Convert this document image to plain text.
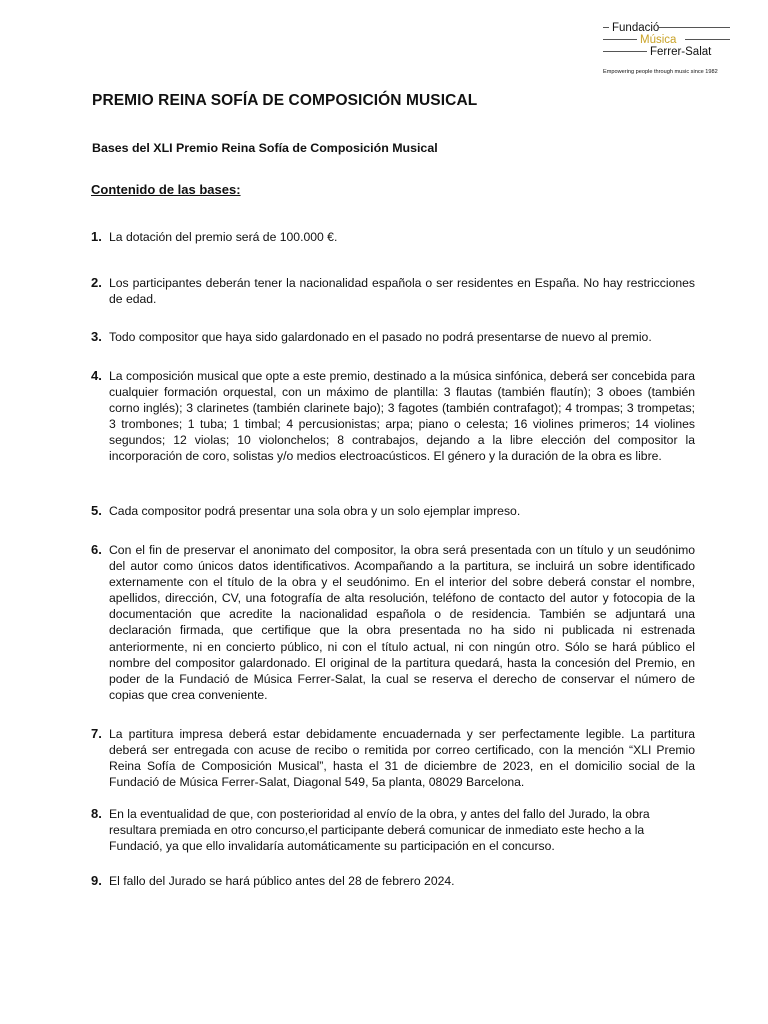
Fundació
Música
Ferrer-Salat
Empowering people through music since 1982
PREMIO REINA SOFÍA DE COMPOSICIÓN MUSICAL
Bases del XLI Premio Reina Sofía de Composición Musical
Contenido de las bases:
1. La dotación del premio será de 100.000 €.
2. Los participantes deberán tener la nacionalidad española o ser residentes en España. No hay restricciones de edad.
3. Todo compositor que haya sido galardonado en el pasado no podrá presentarse de nuevo al premio.
4. La composición musical que opte a este premio, destinado a la música sinfónica, deberá ser concebida para cualquier formación orquestal, con un máximo de plantilla: 3 flautas (también flautín); 3 oboes (también corno inglés); 3 clarinetes (también clarinete bajo); 3 fagotes (también contrafagot); 4 trompas; 3 trompetas; 3 trombones; 1 tuba; 1 timbal; 4 percusionistas; arpa; piano o celesta; 16 violines primeros; 14 violines segundos; 12 violas; 10 violonchelos; 8 contrabajos, dejando a la libre elección del compositor la incorporación de coro, solistas y/o medios electroacústicos. El género y la duración de la obra es libre.
5. Cada compositor podrá presentar una sola obra y un solo ejemplar impreso.
6. Con el fin de preservar el anonimato del compositor, la obra será presentada con un título y un seudónimo del autor como únicos datos identificativos. Acompañando a la partitura, se incluirá un sobre identificado externamente con el título de la obra y el seudónimo. En el interior del sobre deberá constar el nombre, apellidos, dirección, CV, una fotografía de alta resolución, teléfono de contacto del autor y fotocopia de la documentación que acredite la nacionalidad española o de residencia. También se adjuntará una declaración firmada, que certifique que la obra presentada no ha sido ni publicada ni estrenada anteriormente, ni en concierto público, ni con el título actual, ni con ningún otro. Sólo se hará público el nombre del compositor galardonado. El original de la partitura quedará, hasta la concesión del Premio, en poder de la Fundació de Música Ferrer-Salat, la cual se reserva el derecho de conservar el número de copias que crea conveniente.
7. La partitura impresa deberá estar debidamente encuadernada y ser perfectamente legible. La partitura deberá ser entregada con acuse de recibo o remitida por correo certificado, con la mención “XLI Premio Reina Sofía de Composición Musical”, hasta el 31 de diciembre de 2023, en el domicilio social de la Fundació de Música Ferrer-Salat, Diagonal 549, 5a planta, 08029 Barcelona.
8. En la eventualidad de que, con posterioridad al envío de la obra, y antes del fallo del Jurado, la obra resultara premiada en otro concurso,el participante deberá comunicar de inmediato este hecho a la Fundació, ya que ello invalidaría automáticamente su participación en el concurso.
9. El fallo del Jurado se hará público antes del 28 de febrero 2024.
